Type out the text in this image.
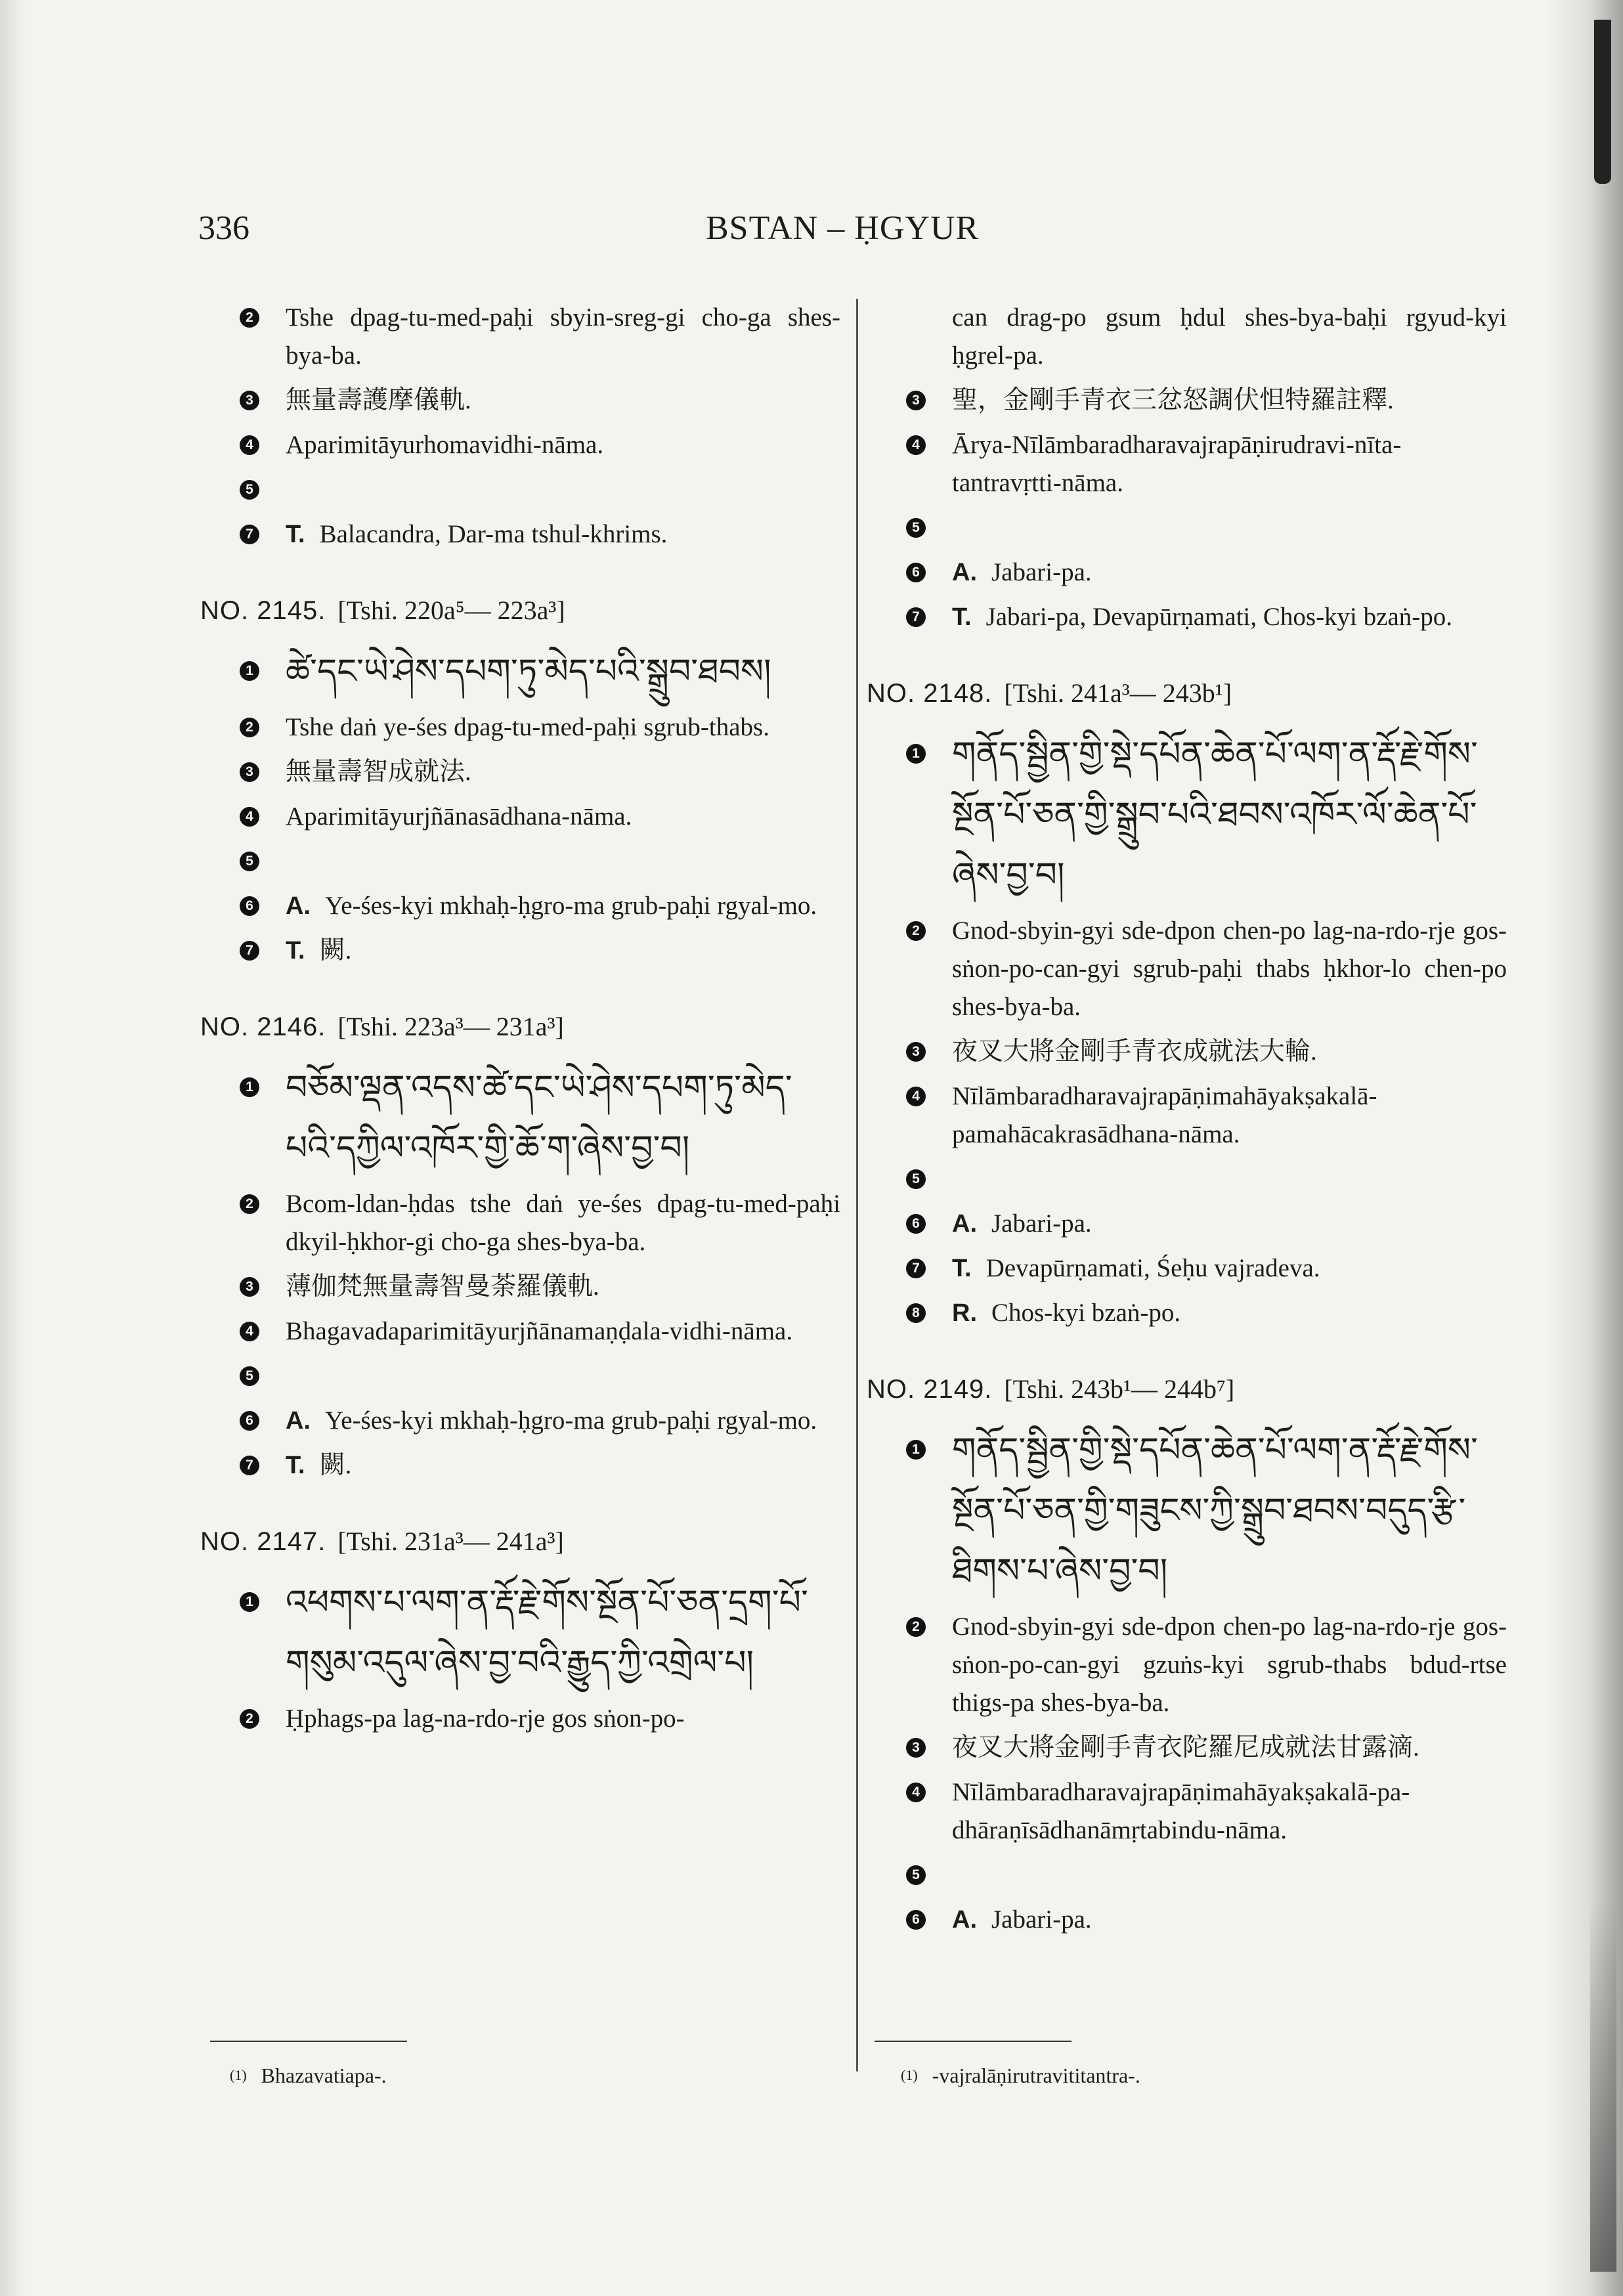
336	BSTAN – ḤGYUR
2 Tshe dpag-tu-med-paḥi sbyin-sreg-gi cho-ga shes-bya-ba.
3 無量壽護摩儀軌.
4 Aparimitāyurhomavidhi-nāma.
5
7 T. Balacandra, Dar-ma tshul-khrims.
NO. 2145. [Tshi. 220a⁵— 223a³]
1 ཚེ་དང་ཡེ་ཤེས་དཔག་ཏུ་མེད་པའི་སྒྲུབ་ཐབས།
2 Tshe daṅ ye-śes dpag-tu-med-paḥi sgrub-thabs.
3 無量壽智成就法.
4 Aparimitāyurjñānasādhana-nāma.
5
6 A. Ye-śes-kyi mkhaḥ-ḥgro-ma grub-paḥi rgyal-mo.
7 T. 闕.
NO. 2146. [Tshi. 223a³— 231a³]
1 བཅོམ་ལྡན་འདས་ཚེ་དང་ཡེ་ཤེས་དཔག་ཏུ་མེད་པའི་དཀྱིལ་འཁོར་གྱི་ཆོ་ག་ཞེས་བྱ་བ།
2 Bcom-ldan-ḥdas tshe daṅ ye-śes dpag-tu-med-paḥi dkyil-ḥkhor-gi cho-ga shes-bya-ba.
3 薄伽梵無量壽智曼荼羅儀軌.
4 Bhagavadaparimitāyurjñānamaṇḍala-vidhi-nāma.
5
6 A. Ye-śes-kyi mkhaḥ-ḥgro-ma grub-paḥi rgyal-mo.
7 T. 闕.
NO. 2147. [Tshi. 231a³— 241a³]
1 འཕགས་པ་ལག་ན་རྡོ་རྗེ་གོས་སྔོན་པོ་ཅན་དྲག་པོ་གསུམ་འདུལ་ཞེས་བྱ་བའི་རྒྱུད་ཀྱི་འགྲེལ་པ།
2 Ḥphags-pa lag-na-rdo-rje gos sṅon-po-
can drag-po gsum ḥdul shes-bya-baḥi rgyud-kyi ḥgrel-pa.
3 聖，金剛手青衣三忿怒調伏怛特羅註釋.
4 Ārya-Nīlāmbaradharavajrapāṇirudravi-nīta-tantravṛtti-nāma.
5
6 A. Jabari-pa.
7 T. Jabari-pa, Devapūrṇamati, Chos-kyi bzaṅ-po.
NO. 2148. [Tshi. 241a³— 243b¹]
1 གནོད་སྦྱིན་གྱི་སྡེ་དཔོན་ཆེན་པོ་ལག་ན་རྡོ་རྗེ་གོས་སྔོན་པོ་ཅན་གྱི་སྒྲུབ་པའི་ཐབས་འཁོར་ལོ་ཆེན་པོ་ཞེས་བྱ་བ།
2 Gnod-sbyin-gyi sde-dpon chen-po lag-na-rdo-rje gos-sṅon-po-can-gyi sgrub-paḥi thabs ḥkhor-lo chen-po shes-bya-ba.
3 夜叉大將金剛手青衣成就法大輪.
4 Nīlāmbaradharavajrapāṇimahāyakṣakalā-pamahācakrasādhana-nāma.
5
6 A. Jabari-pa.
7 T. Devapūrṇamati, Śeḥu vajradeva.
8 R. Chos-kyi bzaṅ-po.
NO. 2149. [Tshi. 243b¹— 244b⁷]
1 གནོད་སྦྱིན་གྱི་སྡེ་དཔོན་ཆེན་པོ་ལག་ན་རྡོ་རྗེ་གོས་སྔོན་པོ་ཅན་གྱི་གཟུངས་ཀྱི་སྒྲུབ་ཐབས་བདུད་རྩི་ཐིགས་པ་ཞེས་བྱ་བ།
2 Gnod-sbyin-gyi sde-dpon chen-po lag-na-rdo-rje gos-sṅon-po-can-gyi gzuṅs-kyi sgrub-thabs bdud-rtse thigs-pa shes-bya-ba.
3 夜叉大將金剛手青衣陀羅尼成就法甘露滴.
4 Nīlāmbaradharavajrapāṇimahāyakṣakalā-pa-dhāraṇīsādhanāmṛtabindu-nāma.
5
6 A. Jabari-pa.
(1) Bhazavatiapa-.	(1) -vajralāṇirutravititantra-.
